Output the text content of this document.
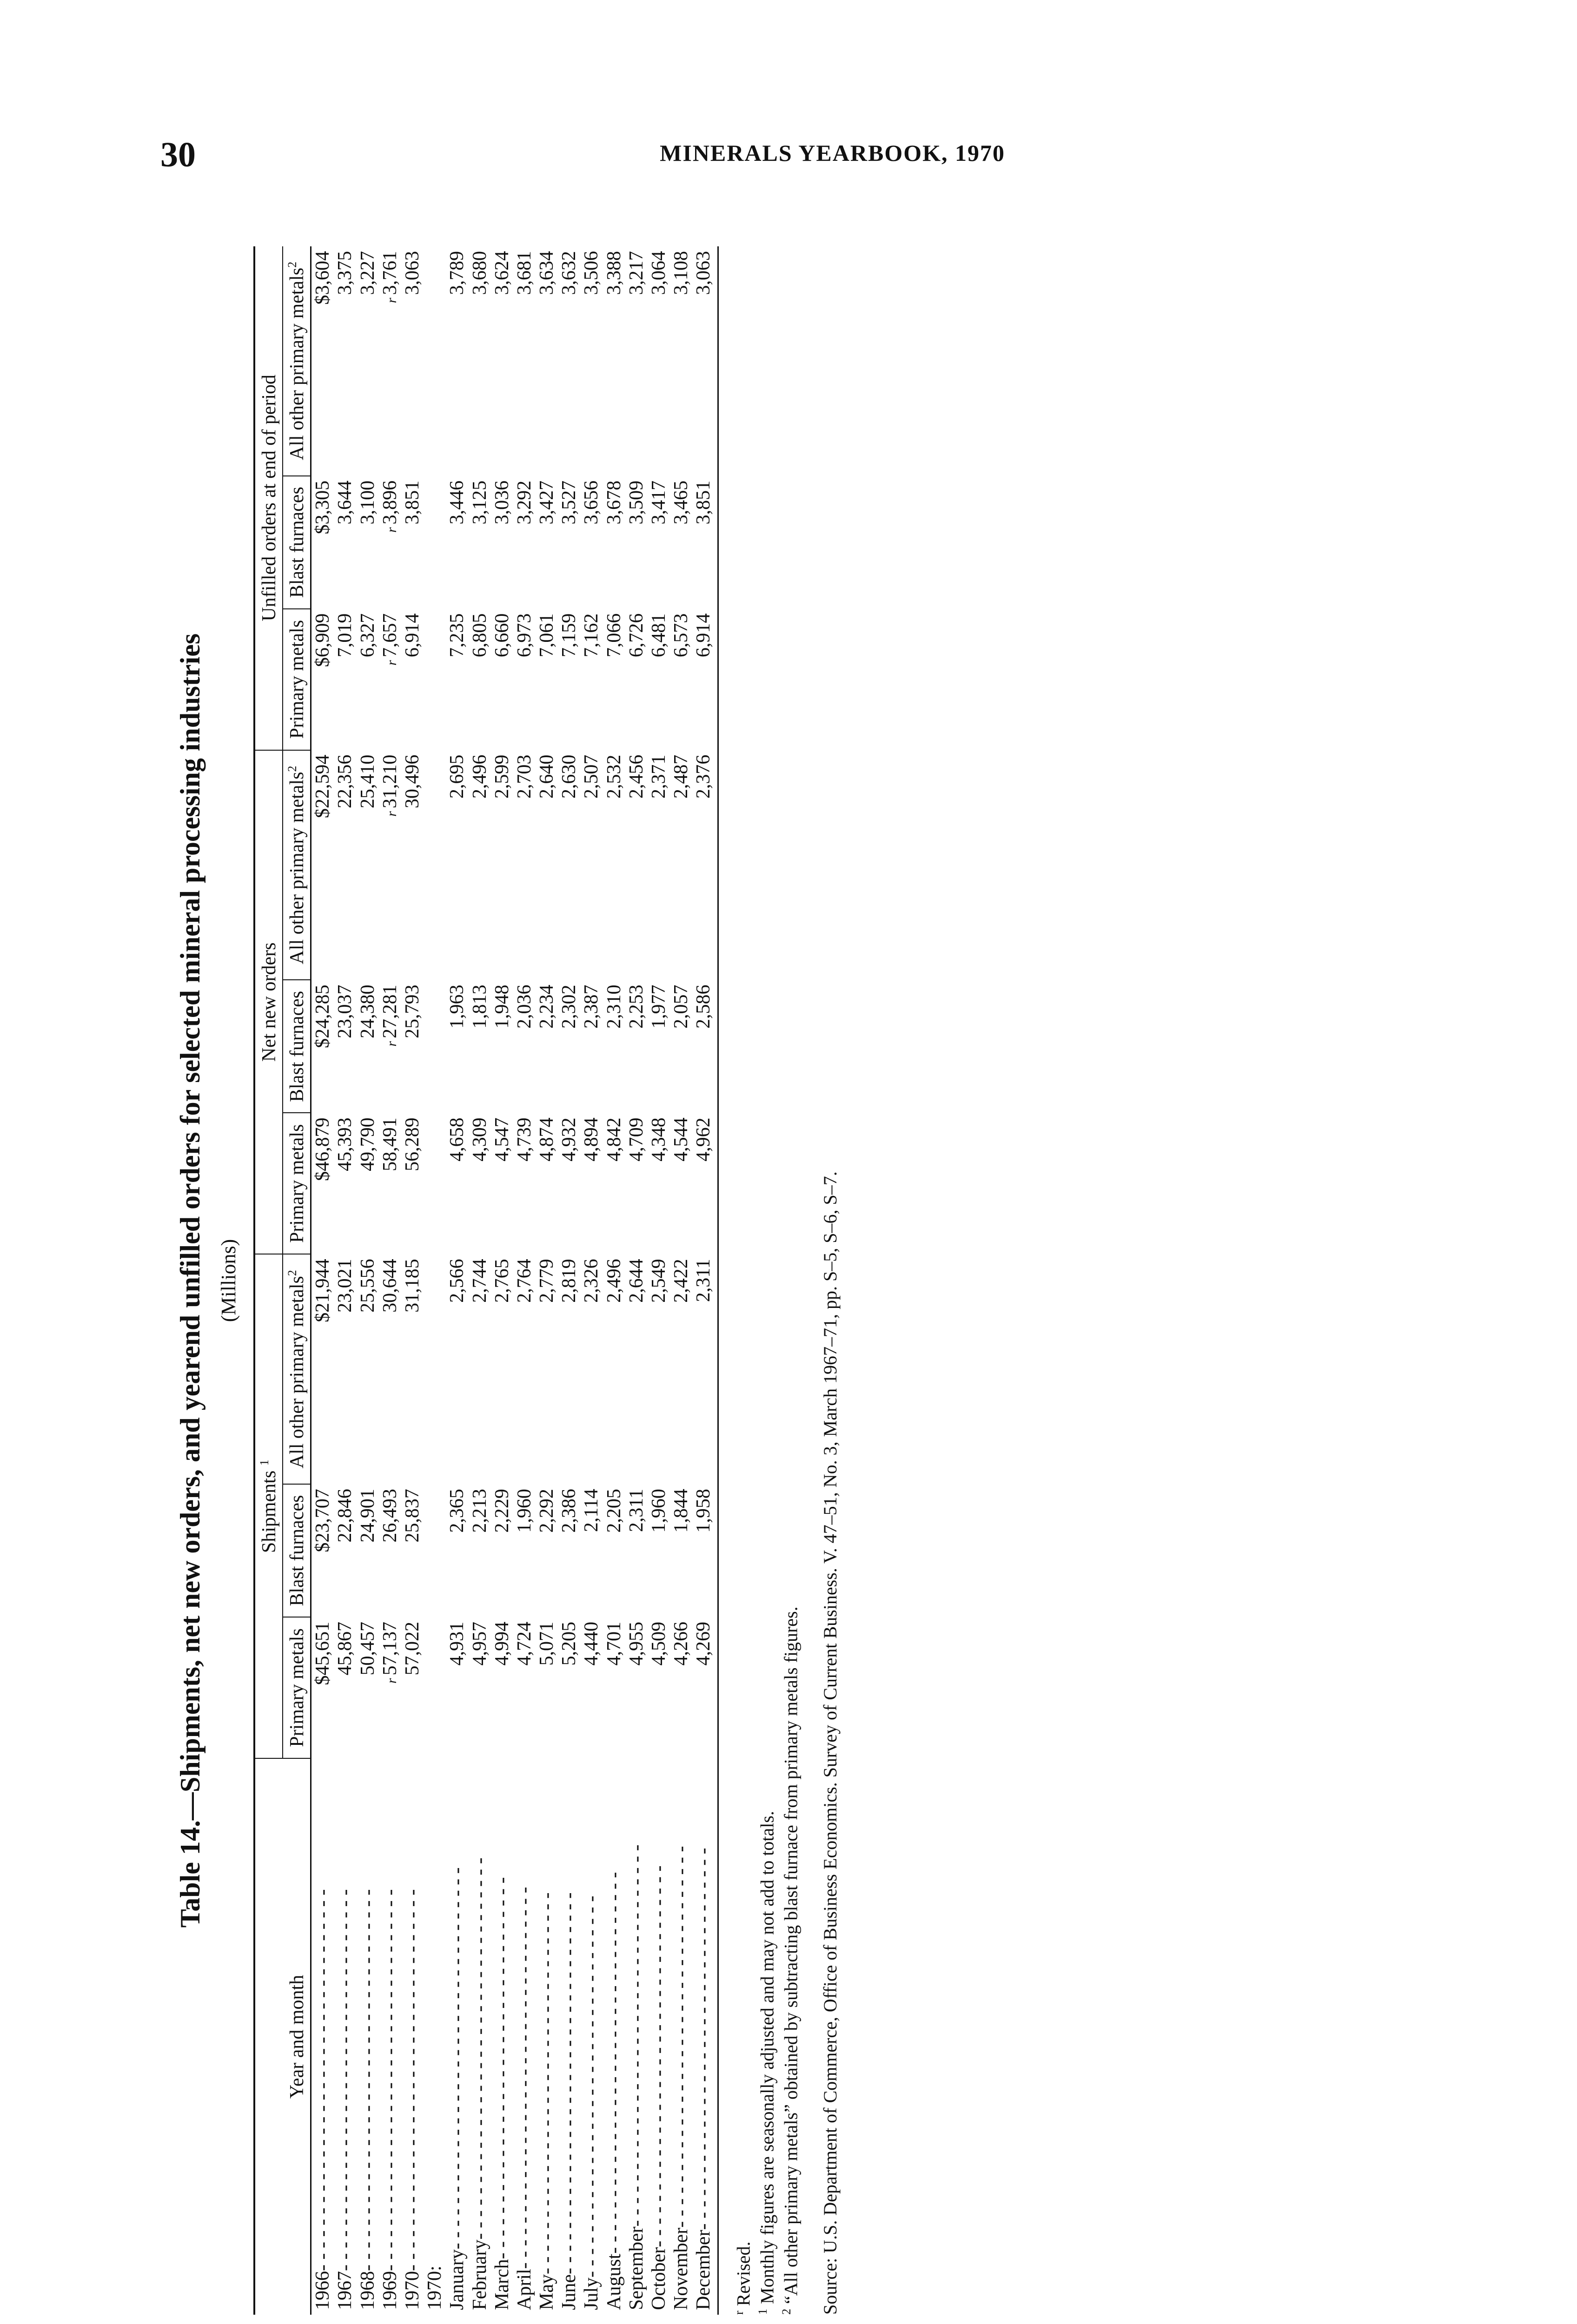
30	MINERALS YEARBOOK, 1970
Table 14.—Shipments, net new orders, and yearend unfilled orders for selected mineral processing industries (Millions)
Year and month	Shipments $^1$			Net new orders			Unfilled orders at end of period		
	Primary metals	Blast furnaces	All other primary metals$^2$	Primary metals	Blast furnaces	All other primary metals$^2$	Primary metals	Blast furnaces	All other primary metals$^2$
1966- - -	$45,651	$23,707	$21,944	$46,879	$24,285	$22,594	$6,909	$3,305	$3,604
1967- - -	45,867	22,846	23,021	45,393	23,037	22,356	7,019	3,644	3,375
1968- - -	50,457	24,901	25,556	49,790	24,380	25,410	6,327	3,100	3,227
1969- - -	r57,137	26,493	30,644	58,491	r27,281	r31,210	r7,657	r3,896	r3,761
1970- - -	57,022	25,837	31,185	56,289	25,793	30,496	6,914	3,851	3,063
1970:									
January- - -	4,931	2,365	2,566	4,658	1,963	2,695	7,235	3,446	3,789
February- - -	4,957	2,213	2,744	4,309	1,813	2,496	6,805	3,125	3,680
March- - -	4,994	2,229	2,765	4,547	1,948	2,599	6,660	3,036	3,624
April- - -	4,724	1,960	2,764	4,739	2,036	2,703	6,973	3,292	3,681
May- - -	5,071	2,292	2,779	4,874	2,234	2,640	7,061	3,427	3,634
June- - -	5,205	2,386	2,819	4,932	2,302	2,630	7,159	3,527	3,632
July- - -	4,440	2,114	2,326	4,894	2,387	2,507	7,162	3,656	3,506
August- - -	4,701	2,205	2,496	4,842	2,310	2,532	7,066	3,678	3,388
September- - -	4,955	2,311	2,644	4,709	2,253	2,456	6,726	3,509	3,217
October- - -	4,509	1,960	2,549	4,348	1,977	2,371	6,481	3,417	3,064
November- - -	4,266	1,844	2,422	4,544	2,057	2,487	6,573	3,465	3,108
December- - -	4,269	1,958	2,311	4,962	2,586	2,376	6,914	3,851	3,063
$^r$ Revised.
$^1$ Monthly figures are seasonally adjusted and may not add to totals.
$^2$ “All other primary metals” obtained by subtracting blast furnace from primary metals figures. Source: U.S. Department of Commerce, Office of Business Economics. Survey of Current Business. V. 47–51, No. 3, March 1967–71, pp. S–5, S–6, S–7.
